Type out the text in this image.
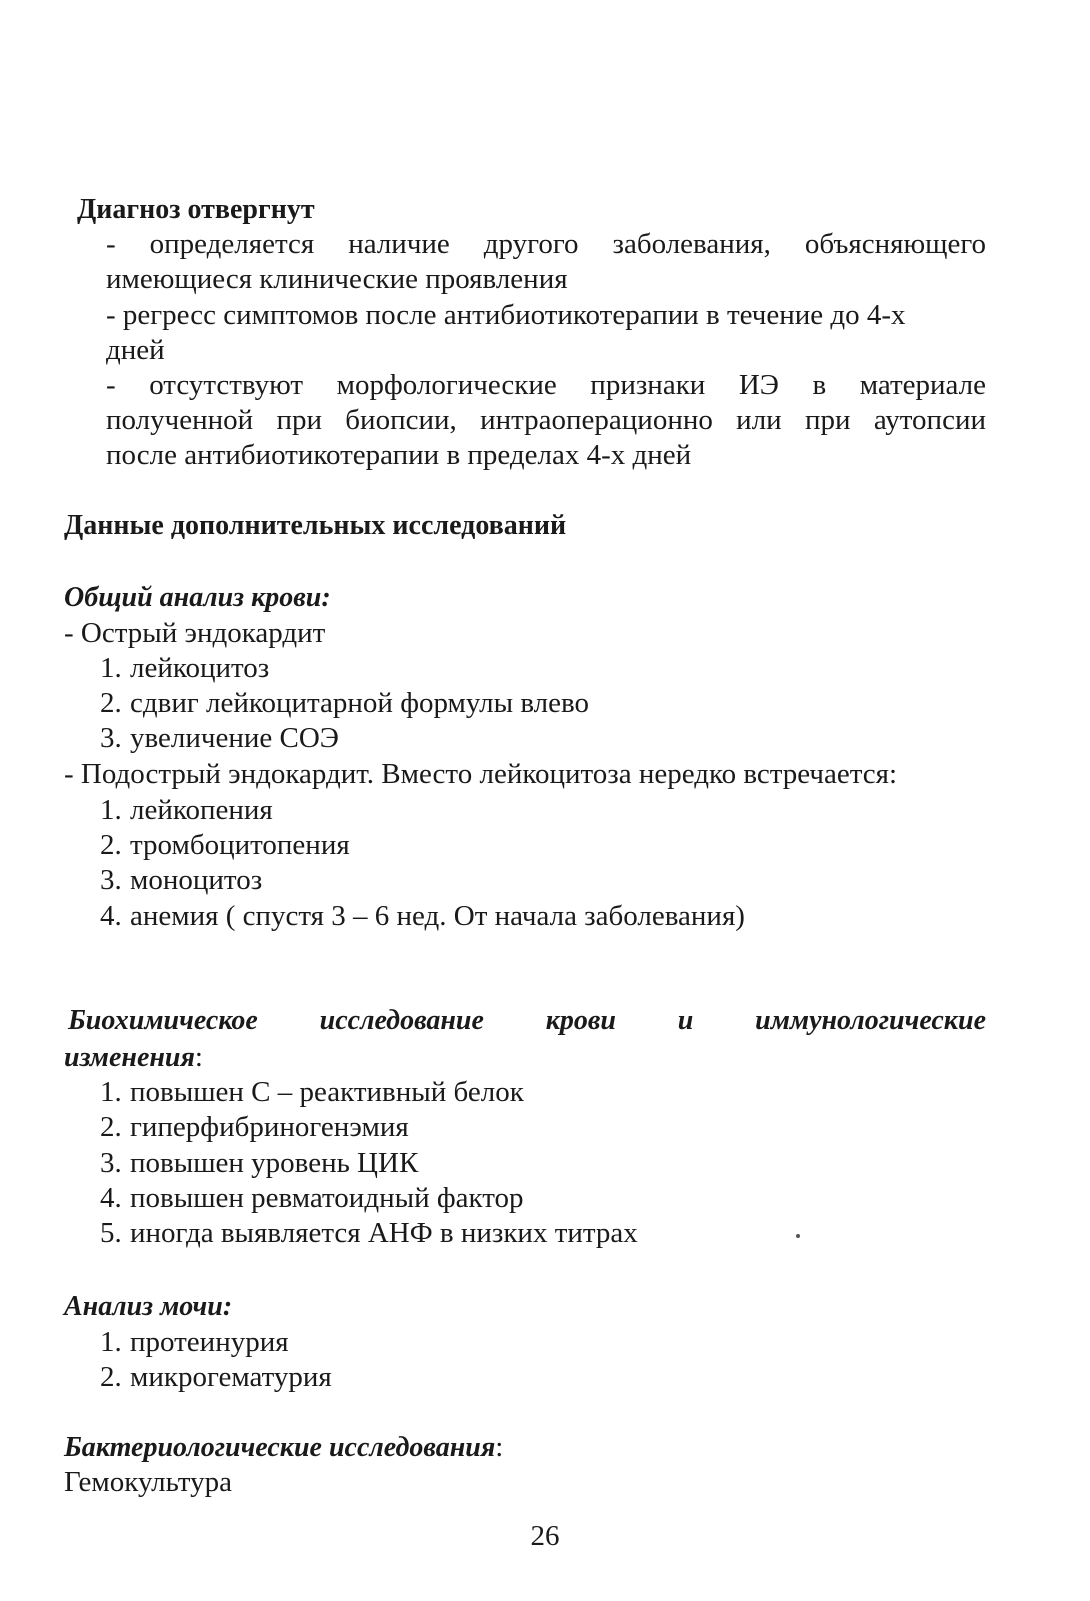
Диагноз отвергнут
- определяется наличие другого заболевания, объясняющего
имеющиеся клинические проявления
- регресс симптомов после антибиотикотерапии в течение до 4-х
дней
- отсутствуют морфологические признаки ИЭ в материале
полученной при биопсии, интраоперационно или при аутопсии
после антибиотикотерапии в пределах 4-х дней
Данные дополнительных исследований
Общий анализ крови:
- Острый эндокардит
1. лейкоцитоз
2. сдвиг лейкоцитарной формулы влево
3. увеличение СОЭ
- Подострый эндокардит. Вместо лейкоцитоза нередко встречается:
1. лейкопения
2. тромбоцитопения
3. моноцитоз
4. анемия ( спустя 3 – 6 нед. От начала заболевания)
Биохимическое исследование крови и иммунологические
изменения:
1. повышен С – реактивный белок
2. гиперфибриногенэмия
3. повышен уровень ЦИК
4. повышен ревматоидный фактор
5. иногда выявляется АНФ в низких титрах
Анализ мочи:
1. протеинурия
2. микрогематурия
Бактериологические исследования:
Гемокультура
26
